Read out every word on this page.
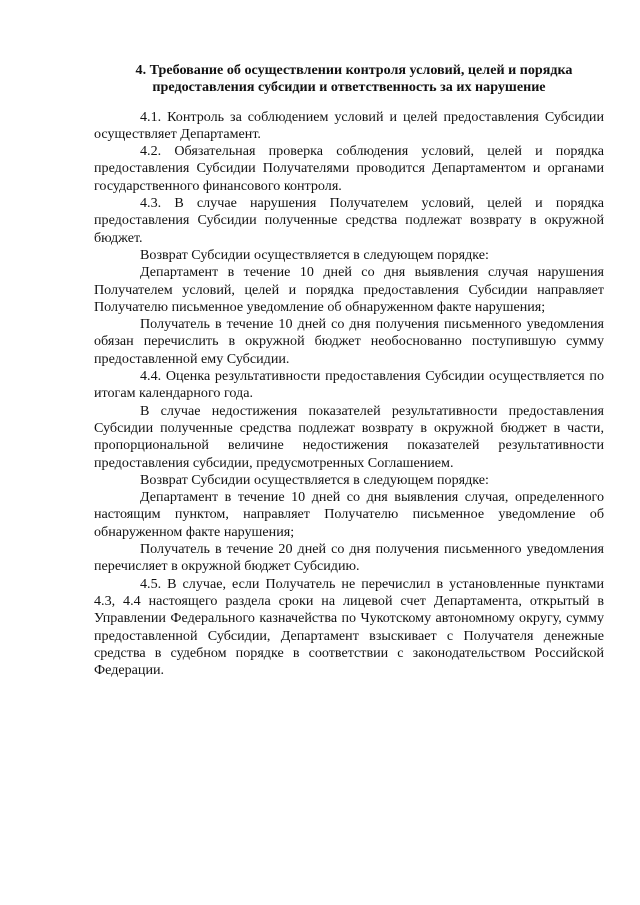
4. Требование об осуществлении контроля условий, целей и порядка
предоставления субсидии и ответственность за их нарушение

4.1. Контроль за соблюдением условий и целей предоставления Субсидии осуществляет Департамент.

4.2. Обязательная проверка соблюдения условий, целей и порядка предоставления Субсидии Получателями проводится Департаментом и органами государственного финансового контроля.

4.3. В случае нарушения Получателем условий, целей и порядка предоставления Субсидии полученные средства подлежат возврату в окружной бюджет.

Возврат Субсидии осуществляется в следующем порядке:

Департамент в течение 10 дней со дня выявления случая нарушения Получателем условий, целей и порядка предоставления Субсидии направляет Получателю письменное уведомление об обнаруженном факте нарушения;

Получатель в течение 10 дней со дня получения письменного уведомления обязан перечислить в окружной бюджет необоснованно поступившую сумму предоставленной ему Субсидии.

4.4. Оценка результативности предоставления Субсидии осуществляется по итогам календарного года.

В случае недостижения показателей результативности предоставления Субсидии полученные средства подлежат возврату в окружной бюджет в части, пропорциональной величине недостижения показателей результативности предоставления субсидии, предусмотренных Соглашением.

Возврат Субсидии осуществляется в следующем порядке:

Департамент в течение 10 дней со дня выявления случая, определенного настоящим пунктом, направляет Получателю письменное уведомление об обнаруженном факте нарушения;

Получатель в течение 20 дней со дня получения письменного уведомления перечисляет в окружной бюджет Субсидию.

4.5. В случае, если Получатель не перечислил в установленные пунктами 4.3, 4.4 настоящего раздела сроки на лицевой счет Департамента, открытый в Управлении Федерального казначейства по Чукотскому автономному округу, сумму предоставленной Субсидии, Департамент взыскивает с Получателя денежные средства в судебном порядке в соответствии с законодательством Российской Федерации.
